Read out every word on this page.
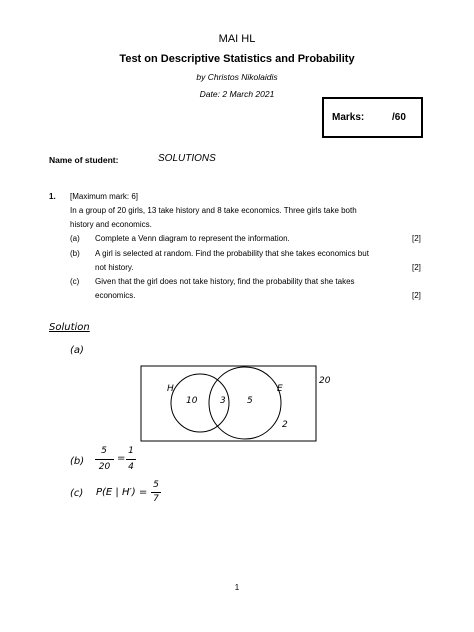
MAI HL
Test on Descriptive Statistics and Probability
by Christos Nikolaidis
Date: 2 March 2021
Marks:	/60
Name of student:	SOLUTIONS
1. [Maximum mark: 6]
In a group of 20 girls, 13 take history and 8 take economics. Three girls take both
history and economics.
(a) Complete a Venn diagram to represent the information.	[2]
(b) A girl is selected at random. Find the probability that she takes economics but
not history.	[2]
(c) Given that the girl does not take history, find the probability that she takes
economics.	[2]
Solution
(a)
H	E
20
10	3 5
2
(b)
5
20
=
1
4
(c) P(E | H′) =
5
7
1
